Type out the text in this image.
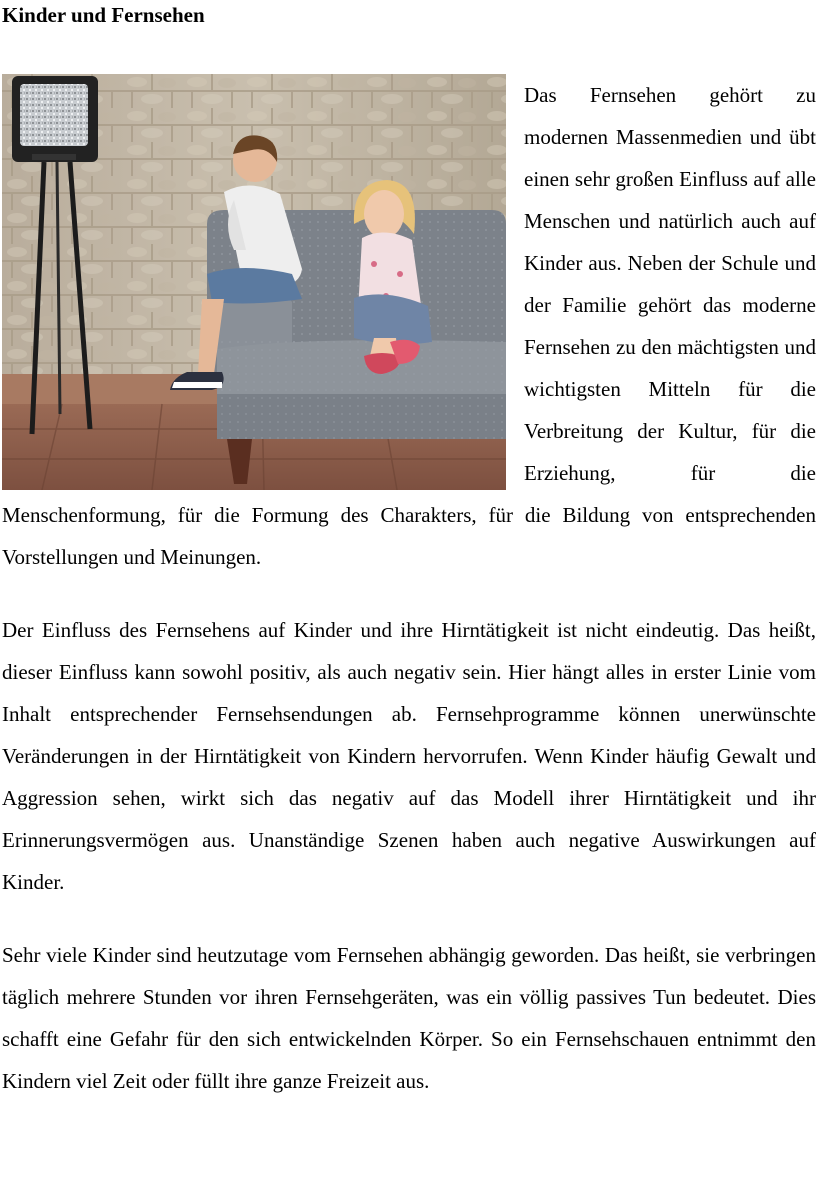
Kinder und Fernsehen

Das Fernsehen gehört zu modernen Massenmedien und übt einen sehr großen Einfluss auf alle Menschen und natürlich auch auf Kinder aus. Neben der Schule und der Familie gehört das moderne Fernsehen zu den mächtigsten und wichtigsten Mitteln für die Verbreitung der Kultur, für die Erziehung, für die Menschenformung, für die Formung des Charakters, für die Bildung von entsprechenden Vorstellungen und Meinungen.

Der Einfluss des Fernsehens auf Kinder und ihre Hirntätigkeit ist nicht eindeutig. Das heißt, dieser Einfluss kann sowohl positiv, als auch negativ sein. Hier hängt alles in erster Linie vom Inhalt entsprechender Fernsehsendungen ab. Fernsehprogramme können unerwünschte Veränderungen in der Hirntätigkeit von Kindern hervorrufen. Wenn Kinder häufig Gewalt und Aggression sehen, wirkt sich das negativ auf das Modell ihrer Hirntätigkeit und ihr Erinnerungsvermögen aus. Unanständige Szenen haben auch negative Auswirkungen auf Kinder.

Sehr viele Kinder sind heutzutage vom Fernsehen abhängig geworden. Das heißt, sie verbringen täglich mehrere Stunden vor ihren Fernsehgeräten, was ein völlig passives Tun bedeutet. Dies schafft eine Gefahr für den sich entwickelnden Körper. So ein Fernsehschauen entnimmt den Kindern viel Zeit oder füllt ihre ganze Freizeit aus.
